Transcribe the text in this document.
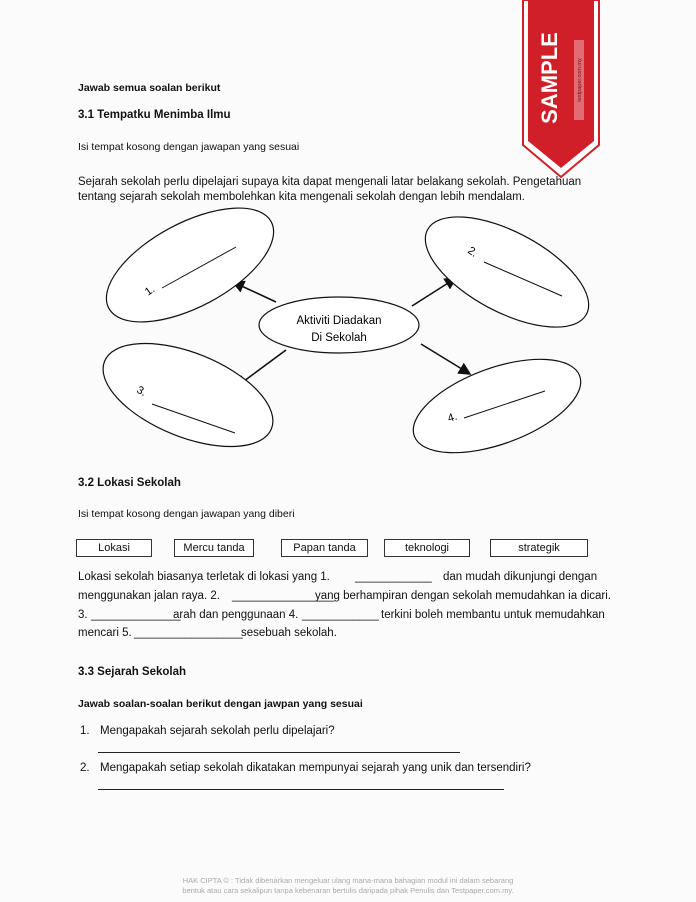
Jawab semua soalan berikut
3.1 Tempatku Menimba Ilmu
Isi tempat kosong dengan jawapan yang sesuai
Sejarah sekolah perlu dipelajari supaya kita dapat mengenali latar belakang sekolah. Pengetahuan
tentang sejarah sekolah membolehkan kita mengenali sekolah dengan lebih mendalam.
Aktiviti Diadakan
Di Sekolah
1.
2.
3.
4.
SAMPLE	testpaper.com.my
3.2 Lokasi Sekolah
Isi tempat kosong dengan jawapan yang diberi
Lokasi	Mercu tanda	Papan tanda	teknologi	strategik
Lokasi sekolah biasanya terletak di lokasi yang 1. ____________ dan mudah dikunjungi dengan
menggunakan jalan raya. 2. ________________
yang berhampiran dengan sekolah memudahkan ia dicari.
3. ______________
arah dan penggunaan 4. ____________ terkini boleh membantu untuk memudahkan
mencari 5. _________________
sesebuah sekolah.
3.3 Sejarah Sekolah
Jawab soalan-soalan berikut dengan jawpan yang sesuai
1. Mengapakah sejarah sekolah perlu dipelajari?
2. Mengapakah setiap sekolah dikatakan mempunyai sejarah yang unik dan tersendiri?
HAK CIPTA © : Tidak dibenarkan mengeluar ulang mana-mana bahagian modul ini dalam sebarang
bentuk atau cara sekalipun tanpa kebenaran bertulis daripada pihak Penulis dan Testpaper.com.my.
